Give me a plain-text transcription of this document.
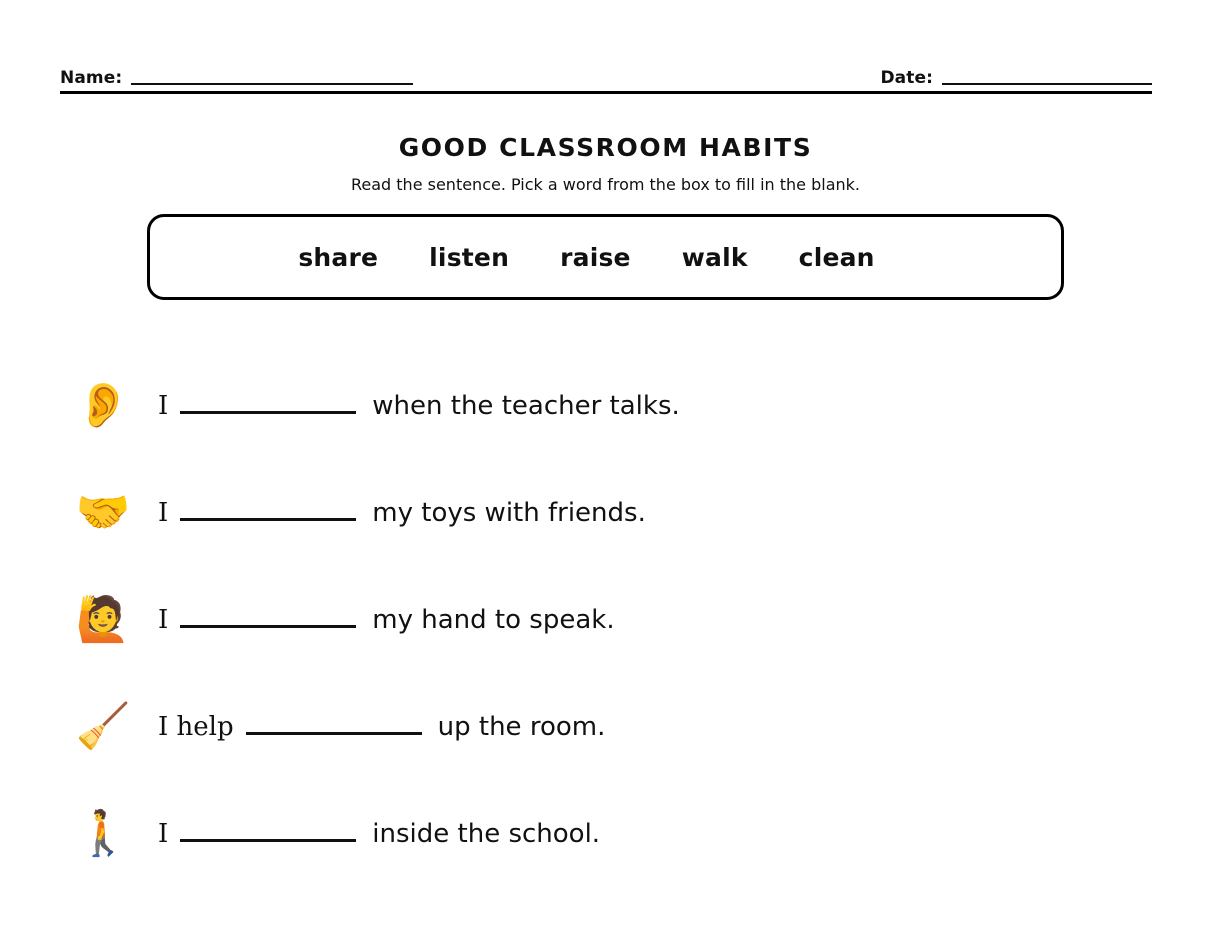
Name:	Date:
GOOD CLASSROOM HABITS
Read the sentence. Pick a word from the box to fill in the blank.
share listen raise walk clean
👂 I	when the teacher talks.
🤝 I	my toys with friends.
🙋 I	my hand to speak.
🧹 I help	up the room.
🚶 I	inside the school.
